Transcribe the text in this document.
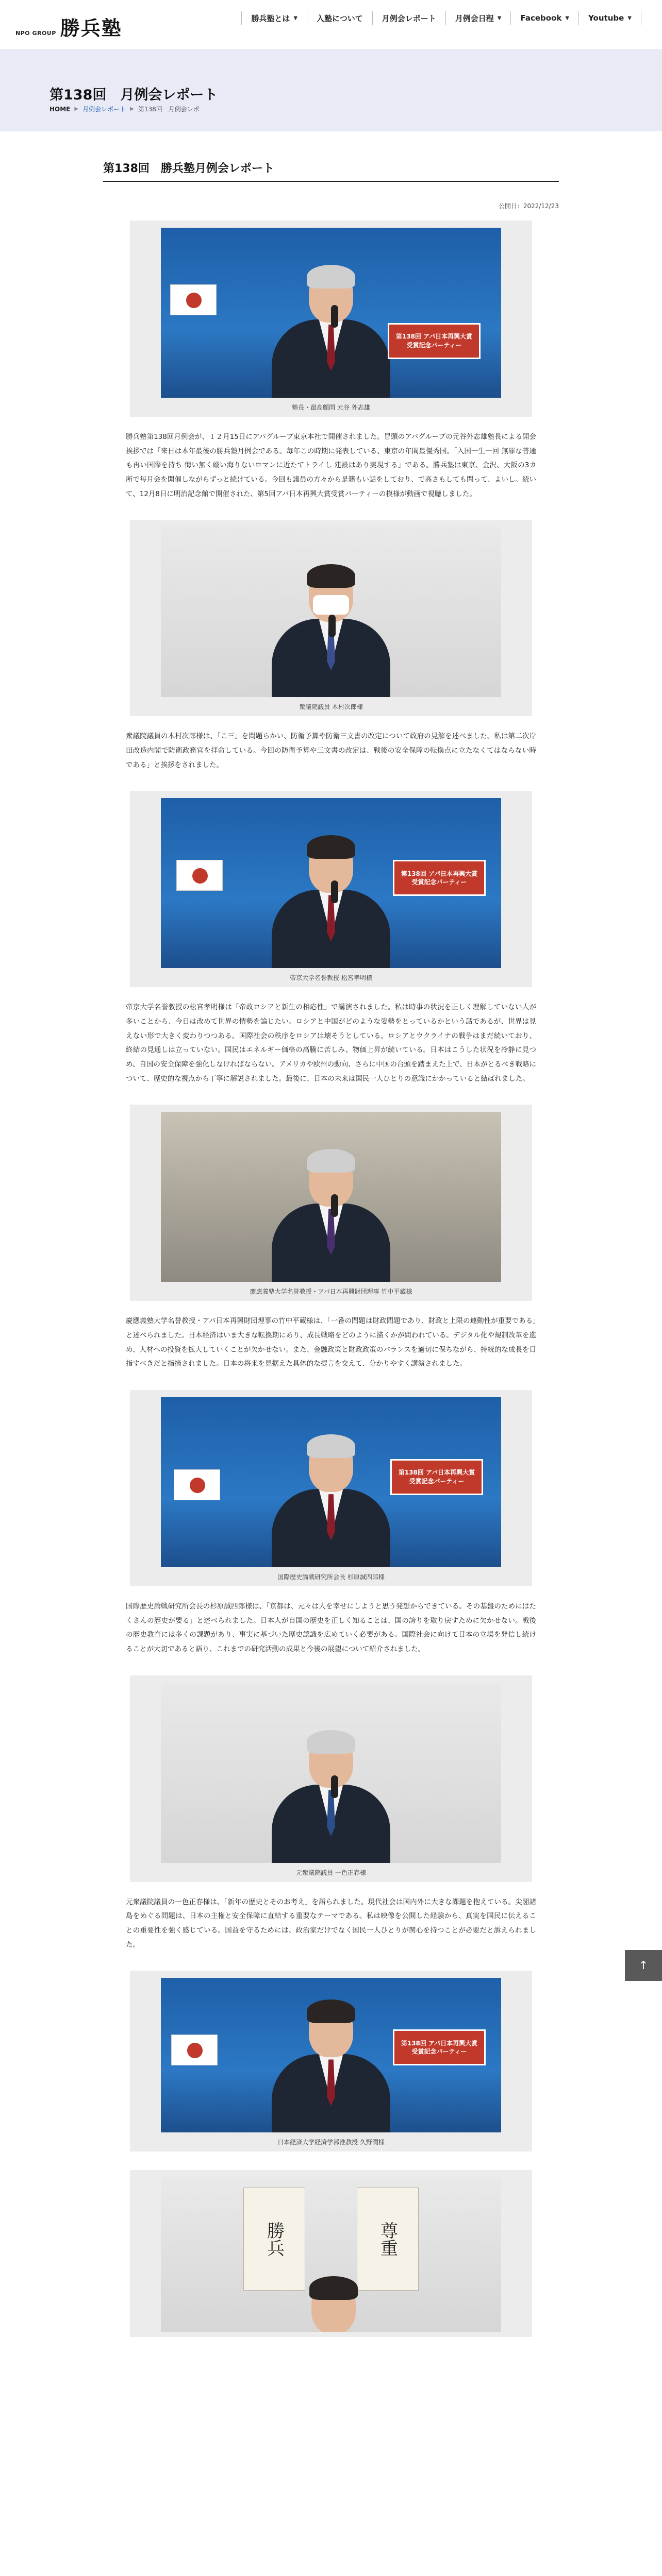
NPO GROUP 勝兵塾	勝兵塾とは ▼ 入塾について 月例会レポート 月例会日程 ▼ Facebook ▼ Youtube ▼
HOME ▶ 月例会レポート ▶ 第138回　月例会レポ
第138回　月例会レポート
第138回　勝兵塾月例会レポート
公開日：2022/12/23
第138回 アパ日本再興大賞
受賞記念パーティー
塾長・最高顧問 元谷 外志雄

勝兵塾第138回月例会が、１２月15日にアパグループ東京本社で開催されました。冒頭のアパグループの元谷外志雄塾長による開会挨拶では「来日は本年最後の勝兵塾月例会である。毎年この時期に発表している、東京の年間最優秀国。「入国一生一回 無罪な普通も再い国際を持ち 悔い無く厳い海りないロマンに近たてトライし 建設はあり実現する」である。勝兵塾は東京、金沢、大阪の3カ所で毎月会を開催しながらずっと続けている。今回も議員の方々から是籍もい話をしており、で高さもしても問って、よいし。続いて、12月8日に明治記念館で開催された、第5回アパ日本再興大賞受賞パーティーの模様が動画で視聴しました。

衆議院議員 木村次郎様

衆議院議員の木村次郎様は、「こ三」を問題らかい、防衛予算や防衛三文書の改定について政府の見解を述べました。私は第二次岸田改造内閣で防衛政務官を拝命している。今回の防衛予算や三文書の改定は、戦後の安全保障の転換点に立たなくてはならない時である」と挨拶をされました。

第138回 アパ日本再興大賞
受賞記念パーティー
帝京大学名誉教授 松宮孝明様

帝京大学名誉教授の松宮孝明様は「帝政ロシアと新生の相応性」で講演されました。私は時事の状況を正しく理解していない人が多いことから、今日は改めて世界の情勢を論じたい。ロシアと中国がどのような姿勢をとっているかという話であるが、世界は見えない形で大きく変わりつつある。国際社会の秩序をロシアは壊そうとしている。ロシアとウクライナの戦争はまだ続いており、終結の見通しは立っていない。国民はエネルギー価格の高騰に苦しみ、物価上昇が続いている。日本はこうした状況を冷静に見つめ、自国の安全保障を強化しなければならない。アメリカや欧州の動向、さらに中国の台頭を踏まえた上で、日本がとるべき戦略について、歴史的な視点から丁寧に解説されました。最後に、日本の未来は国民一人ひとりの意識にかかっていると結ばれました。

慶應義塾大学名誉教授・アパ日本再興財団理事 竹中平蔵様

慶應義塾大学名誉教授・アパ日本再興財団理事の竹中平蔵様は、「一番の問題は財政問題であり、財政と上限の連動性が重要である」と述べられました。日本経済はいま大きな転換期にあり、成長戦略をどのように描くかが問われている。デジタル化や規制改革を進め、人材への投資を拡大していくことが欠かせない。また、金融政策と財政政策のバランスを適切に保ちながら、持続的な成長を目指すべきだと指摘されました。日本の将来を見据えた具体的な提言を交えて、分かりやすく講演されました。

第138回 アパ日本再興大賞
受賞記念パーティー
国際歴史論戦研究所会長 杉原誠四郎様

国際歴史論戦研究所会長の杉原誠四郎様は、「京都は、元々は人を幸せにしようと思う発想からできている。その基盤のためにはたくさんの歴史が要る」と述べられました。日本人が自国の歴史を正しく知ることは、国の誇りを取り戻すために欠かせない。戦後の歴史教育には多くの課題があり、事実に基づいた歴史認識を広めていく必要がある。国際社会に向けて日本の立場を発信し続けることが大切であると語り、これまでの研究活動の成果と今後の展望について紹介されました。

元衆議院議員 一色正春様

元衆議院議員の一色正春様は、「新年の歴史とそのお考え」を語られました。現代社会は国内外に大きな課題を抱えている。尖閣諸島をめぐる問題は、日本の主権と安全保障に直結する重要なテーマである。私は映像を公開した経験から、真実を国民に伝えることの重要性を強く感じている。国益を守るためには、政治家だけでなく国民一人ひとりが関心を持つことが必要だと訴えられました。

第138回 アパ日本再興大賞
受賞記念パーティー
日本経済大学経済学部准教授 久野潤様
勝兵	尊重
↑
